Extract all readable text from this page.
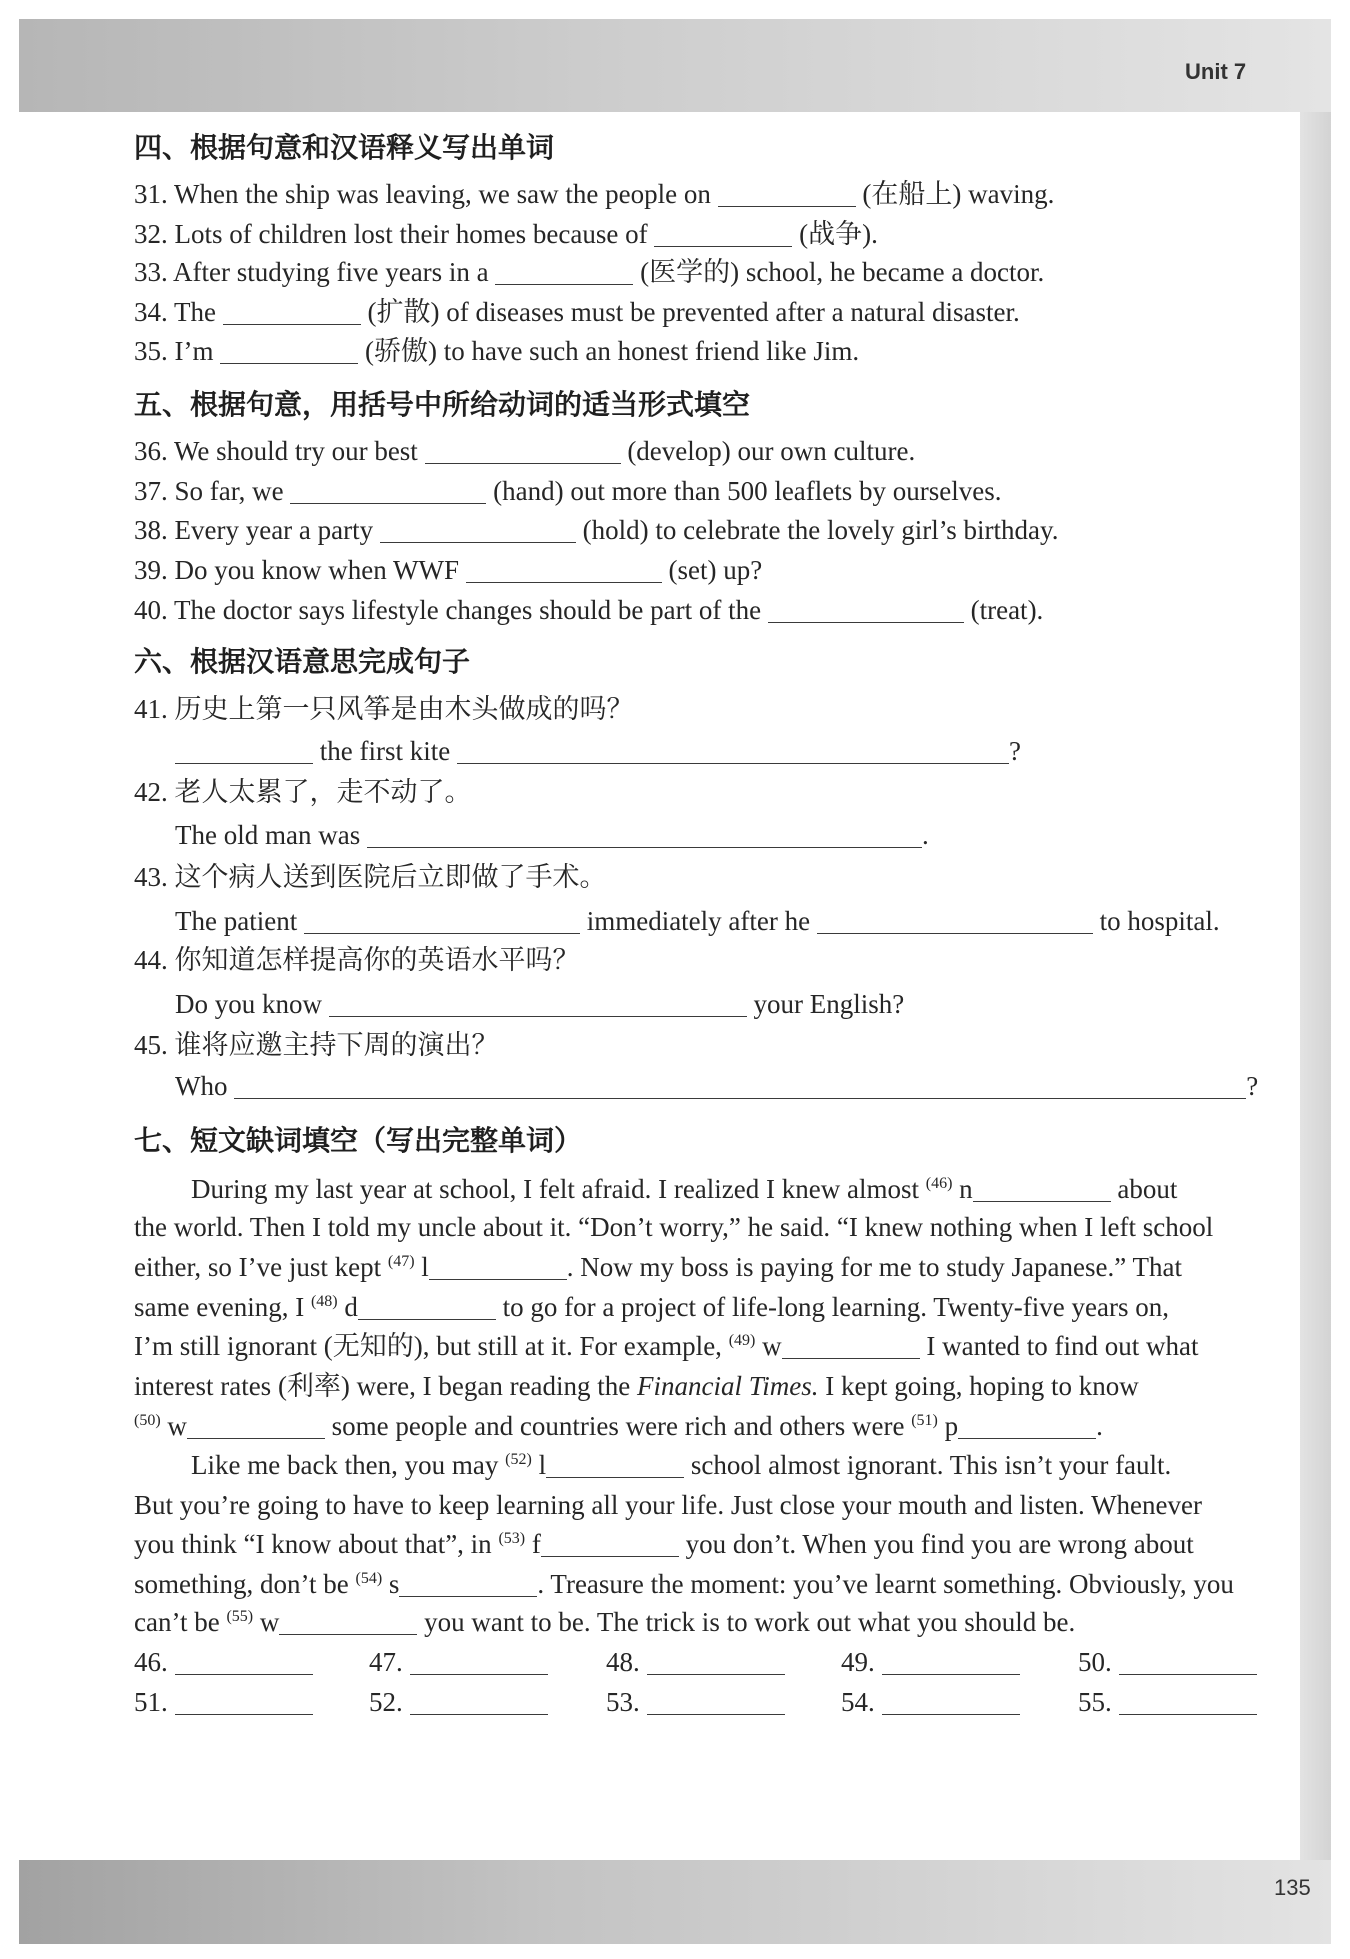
Unit 7
135
四、根据句意和汉语释义写出单词
31. When the ship was leaving, we saw the people on	(在船上) waving.
32. Lots of children lost their homes because of	(战争).
33. After studying five years in a	(医学的) school, he became a doctor.
34. The	(扩散) of diseases must be prevented after a natural disaster.
35. I’m	(骄傲) to have such an honest friend like Jim.
五、根据句意，用括号中所给动词的适当形式填空
36. We should try our best	(develop) our own culture.
37. So far, we	(hand) out more than 500 leaflets by ourselves.
38. Every year a party	(hold) to celebrate the lovely girl’s birthday.
39. Do you know when WWF	(set) up?
40. The doctor says lifestyle changes should be part of the	(treat).
六、根据汉语意思完成句子
41. 历史上第一只风筝是由木头做成的吗？
the first kite	?
42. 老人太累了，走不动了。
The old man was	.
43. 这个病人送到医院后立即做了手术。
The patient	immediately after he	to hospital.
44. 你知道怎样提高你的英语水平吗？
Do you know	your English?
45. 谁将应邀主持下周的演出？
Who	?
七、短文缺词填空（写出完整单词）
During my last year at school, I felt afraid. I realized I knew almost $^{(46)}$ n	about
the world. Then I told my uncle about it. “Don’t worry,” he said. “I knew nothing when I left school
either, so I’ve just kept $^{(47)}$ l	. Now my boss is paying for me to study Japanese.” That
same evening, I $^{(48)}$ d	to go for a project of life-long learning. Twenty-five years on,
I’m still ignorant (无知的), but still at it. For example, $^{(49)}$ w	I wanted to find out what
interest rates (利率) were, I began reading the Financial Times. I kept going, hoping to know
$^{(50)}$ w	some people and countries were rich and others were $^{(51)}$ p	.
Like me back then, you may $^{(52)}$ l	school almost ignorant. This isn’t your fault.
But you’re going to have to keep learning all your life. Just close your mouth and listen. Whenever
you think “I know about that”, in $^{(53)}$ f	you don’t. When you find you are wrong about
something, don’t be $^{(54)}$ s	. Treasure the moment: you’ve learnt something. Obviously, you
can’t be $^{(55)}$ w	you want to be. The trick is to work out what you should be.
46.	47.	48.	49.	50.
51.	52.	53.	54.	55.
